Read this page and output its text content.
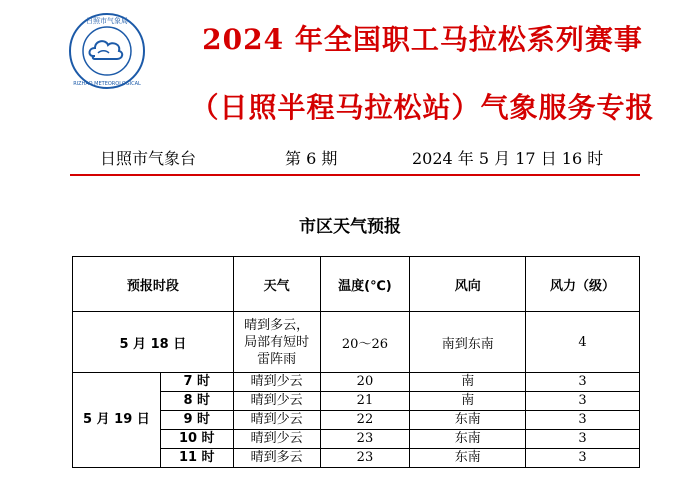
日照市气象局
RIZHAO METEOROLOGICAL
2024 年全国职工马拉松系列赛事
（日照半程马拉松站）气象服务专报
日照市气象台	第 6 期	2024 年 5 月 17 日 16 时
市区天气预报
预报时段		天气	温度(℃)	风向	风力（级）
5 月 18 日		晴到多云，
局部有短时
雷阵雨	20～26	南到东南	4
5 月 19 日	7 时	晴到少云	20	南	3
	8 时	晴到少云	21	南	3
	9 时	晴到少云	22	东南	3
	10 时	晴到少云	23	东南	3
	11 时	晴到多云	23	东南	3
